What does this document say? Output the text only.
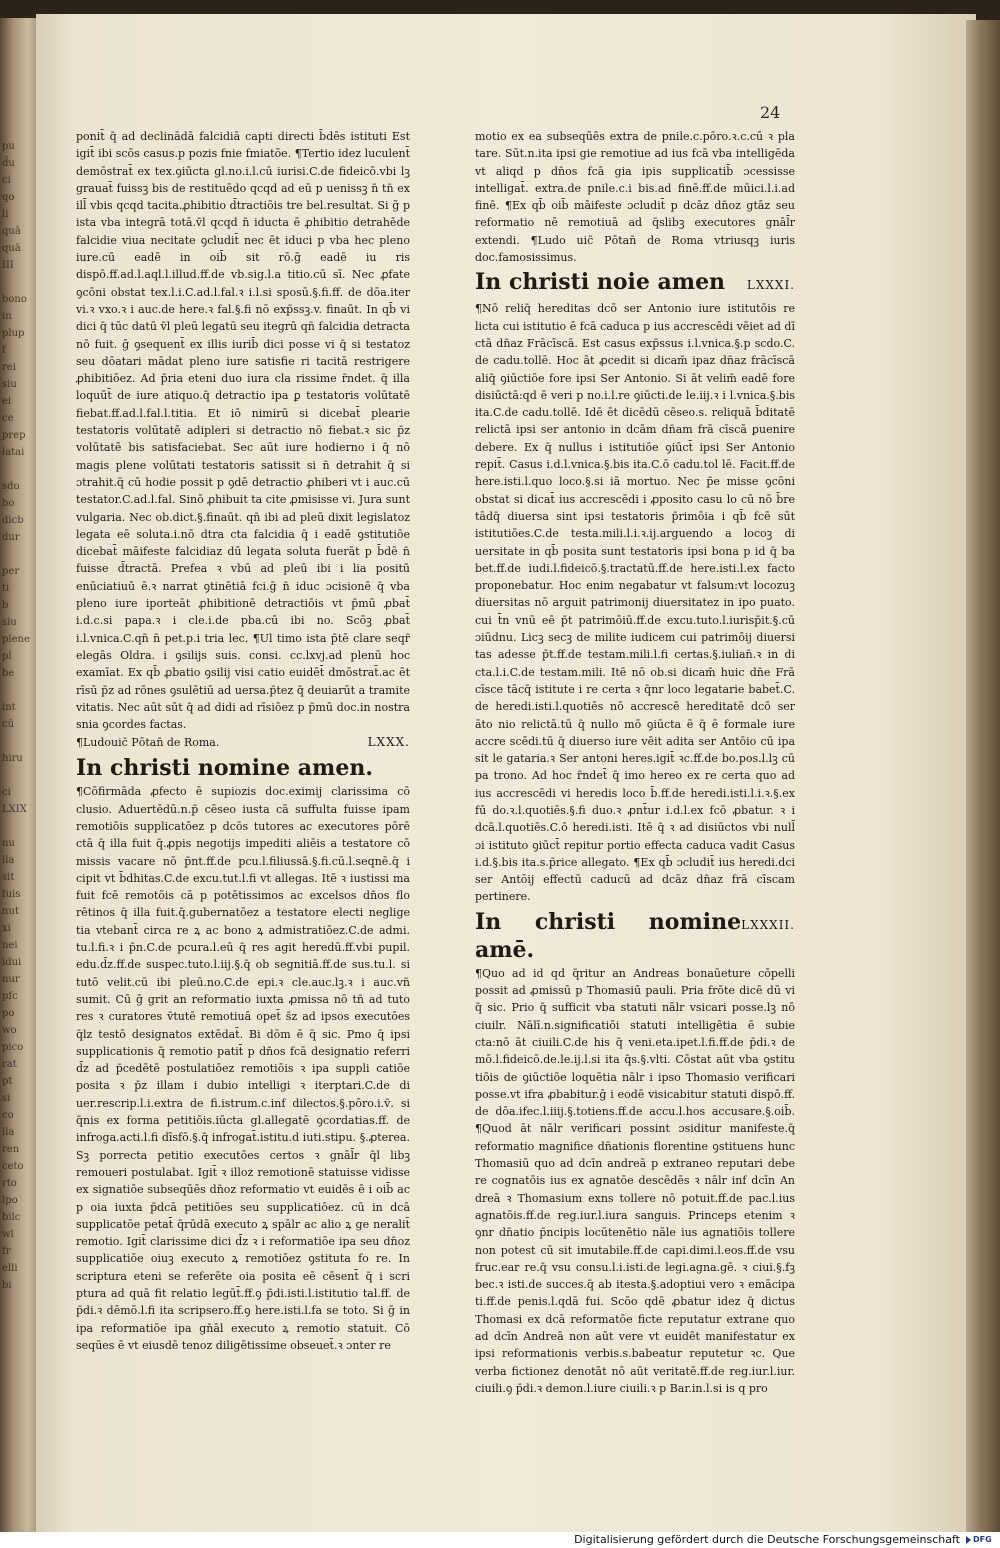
pu
d̄u
ci
qo
li
quā
quā
III

bono
in
plup
f
rei
siu
ei
ce
prep
latai

sdo
bo
dicb
dur

per
ti
b
siu
plene
pl
be

int
cū

hiru

ci
LXIX

nu
lla
sit
fuis
nut
xi
nei
idui
nur
pfc
po
wo
pico
rat
pt
si
co
lla
ren
ceto
rto
lpo
bilc
wi
fr
elli
bi
24

ponit̄ q̄ ad declinādā falcidiā capti directi b̄dēs istituti Est igit̄ ibi scōs casus.p pozis fnie fmiatōe. ¶Tertio idez luculent̄ demōstrat̄ ex tex.ꝯiūcta gl.no.i.l.cū iurisi.C.de fideicō.vbi lꝫ grauat̄ fuissꝫ bis de restituēdo qcqd ad eū p uenissꝫ n̄ tn̄ ex ill̄ vbis qcqd tacita.ꝓhibitio d̄tractiōis tre bel.resultat. Si g̃ p ista vba integrā totā.v̄l qcqd n̄ iducta ē ꝓhibitio detrahēde falcidie viua necitate ꝯcludit̄ nec ēt iduci p vba hec pleno iure.cū eadē in oib̄ sit rō.ḡ eadē iu ris dispō.ff.ad.l.aql.l.illud.ff.de vb.sig.l.a titio.cū sī. Nec ꝓfate ꝯcōni obstat tex.l.i.C.ad.l.fal.ꝛ i.l.si sposū.§.fi.ff. de dōa.iter vi.ꝛ vxo.ꝛ i auc.de here.ꝛ fal.§.fi nō exp̄ssꝫ.v. finaūt. In qb̄ vi dici q̄ tūc datū v̄l pleū legatū seu itegrū qn̄ falcidia detracta nō fuit. ḡ ꝯsequent̄ ex illis iurib̄ dici posse vi q̄ si testatoz seu dōatari mādat pleno iure satisfie ri tacitā restrigere ꝓhibitiōez. Ad p̄ria eteni duo iura cla rissime r̄ndet. q̄ illa loquūt̄ de iure atiquo.q̄ detractio ipa ꝑ testatoris volūtatē fiebat.ff.ad.l.fal.l.titia. Et iō nimirū si dicebat̄ plearie testatoris volūtatē adipleri si detractio nō fiebat.ꝛ sic p̄z volūtatē bis satisfaciebat. Sec aūt iure hodierno i q̄ nō magis plene volūtati testatoris satissit si n̄ detrahit q̄ si ɔtrahit.q̄ cū hodie possit p ꝯdē detractio ꝓhiberi vt i auc.cū testator.C.ad.l.fal. Sinō ꝓhibuit ta cite ꝓmisisse vi. Jura sunt vulgaria. Nec ob.dict.§.finaūt. qn̄ ibi ad pleū dixit legislatoz legata eē soluta.i.nō dtra cta falcidia q̄ i eadē ꝯstitutiōe dicebat̄ māifeste falcidiaz dū legata soluta fuerāt p b̄dē n̄ fuisse d̄tractā. Prefea ꝛ vbū ad pleū ibi i lia positū enūciatiuū ē.ꝛ narrat ꝯtinētiā fci.ḡ n̄ iduc ɔcisionē q̄ vba pleno iure iporteāt ꝓhibitionē detractiōis vt p̄mū ꝓbat̄ i.d.c.si papa.ꝛ i cle.i.de pba.cū ibi no. Scōꝫ ꝓbat̄ i.l.vnica.C.qn̄ n̄ pet.p.i tria lec. ¶Ul timo ista p̄tē clare seqr̄ elegās Oldra. i ꝯsilijs suis. consi. cc.lxvj.ad plenū hoc examīat. Ex qb̄ ꝓbatio ꝯsilij visi catio euidēt̄ dmōstrat̄.ac ēt rīsū p̄z ad rōnes ꝯsulētiū ad uersa.p̄tez q̄ deuiarūt a tramite vitatis. Nec aūt sūt q̄ ad didi ad rīsiōez p p̄mū doc.in nostra snia ꝯcordes factas.

¶Ludouic̄ Pōtan̄ de Roma.	LXXX.
In christi nomine amen.

¶Cōfirmāda ꝓfecto ē supiozis doc.eximij clarissima cō clusio. Aduertēdū.n.p̄ cēseo iusta cā suffulta fuisse ipam remotiōis supplicatōez p dcōs tutores ac executores pōrē ctā q̄ illa fuit q̄.ꝓpis negotijs impediti aliēis a testatore cō missis vacare nō p̄nt.ff.de pcu.l.filiussā.§.fi.cū.l.seqnē.q̄ i cipit vt b̄dhitas.C.de excu.tut.l.fi vt allegas. Itē ꝛ iustissi ma fuit fcē remotōis cā p potētissimos ac excelsos dn̄os flo rētinos q̄ illa fuit.q̄.gubernatōez a testatore electi neglige tia vtebant̄ circa re ꝝ ac bono ꝝ admistratiōez.C.de admi. tu.l.fi.ꝛ i p̄n.C.de pcura.l.eū q̄ res agit heredū.ff.vbi pupil. edu.d̄z.ff.de suspec.tuto.l.iij.§.q̄ ob segnitiā.ff.de sus.tu.l. si tutō velit.cū ibi pleū.no.C.de epi.ꝛ cle.auc.lꝫ.ꝛ i auc.vn̄ sumit. Cū ḡ grit an reformatio iuxta ꝓmissa nō tn̄ ad tuto res ꝛ curatores v̄tutē remotiuā opet̄ s̄z ad ipsos executōes q̄lz testō designatos extēdat̄. Bi dōm ē q̄ sic. Pmo q̄ ipsi supplicationis q̄ remotio patit̄ p dn̄os fcā designatio referri d̄z ad p̄cedētē postulatiōez remotiōis ꝛ ipa suppli catiōe posita ꝛ p̄z illam i dubio intelligi ꝛ iterptari.C.de di uer.rescrip.l.i.extra de fi.istrum.c.inf dilectos.§.pōro.i.v̄. si q̄nis ex forma petitiōis.iūcta gl.allegatē ꝯcordatias.ff. de infroga.acti.l.fi dīsfō.§.q̄ infrogat̄.istitu.d iuti.stipu. §.ꝓterea. Sꝫ porrecta petitio executōes certos ꝛ gnāl̄r q̄l libꝫ remoueri postulabat. Igit̄ ꝛ illoz remotionē statuisse vidisse ex signatiōe subseqūēs dn̄oz reformatio vt euidēs ē i oib̄ ac p oia iuxta p̄dcā petitiōes seu supplicatiōez. cū in dcā supplicatōe petat̄ q̄rūdā executo ꝝ spālr ac alio ꝝ ge neralit̄ remotio. Igit̄ clarissime dici d̄z ꝛ i reformatiōe ipa seu dn̄oz supplicatiōe oiuꝫ executo ꝝ remotiōez ꝯstituta fo re. In scriptura eteni se referēte oia posita eē cēsent̄ q̄ i scri ptura ad quā fit relatio legūt̄.ff.ꝯ p̄di.isti.l.istitutio tal.ff. de p̄di.ꝛ dēmō.l.fi ita scripsero.ff.ꝯ here.isti.l.fa se toto. Si ḡ in ipa reformatiōe ipa gn̄āl executo ꝝ remotio statuit. Cō seqūes ē vt eiusdē tenoz diligētissime obseuet̄.ꝛ ɔnter re

motio ex ea subseqūēs extra de pnile.c.pōro.ꝛ.c.cū ꝛ pla tare. Sūt.n.ita ipsi gie remotiue ad ius fcā vba intelligēda vt aliqd p dn̄os fcā gia ipis supplicatib̄ ɔcessisse intelligat̄. extra.de pnile.c.i bis.ad finē.ff.de mūici.l.i.ad finē. ¶Ex qb̄ oib̄ māifeste ɔcludit̄ p dcāz dn̄oz gtāz seu reformatio nē remotiuā ad q̄slibꝫ executores gnāl̄r extendi. ¶Ludo uic̄ Pōtan̄ de Roma vtriusqꝫ iuris doc.famosissimus.

In christi noie amen LXXXI.

¶Nō reliq̄ hereditas dcō ser Antonio iure istitutōis re licta cui istitutio ē fcā caduca p ius accrescēdi vēiet ad dī ctā dn̄az Frācīscā. Est casus exp̄ssus i.l.vnica.§.p scdo.C. de cadu.tollē. Hoc āt ꝓcedit si dicam̄ ipaz dn̄az frācīscā aliq̄ ꝯiūctiōe fore ipsi Ser Antonio. Si āt velim̄ eadē fore disiūctā:qd ē veri p no.i.l.re ꝯiūcti.de le.iij.ꝛ i l.vnica.§.bis ita.C.de cadu.tollē. Idē ēt dicēdū cēseo.s. reliquā b̄ditatē relictā ipsi ser antonio in dcām dn̄am frā cīscā ꝑuenire debere. Ex q̄ nullus i istitutiōe ꝯiūct̄ ipsi Ser Antonio repit̄. Casus i.d.l.vnica.§.bis ita.C.ō cadu.tol lē. Facit.ff.de here.isti.l.quo loco.§.si iā mortuo. Nec p̄e misse ꝯcōni obstat si dicat̄ ius accrescēdi i ꝓposito casu lo cū nō b̄re tādq̄ diuersa sint ipsi testatoris p̄rimōia i qb̄ fcē sūt istitutiōes.C.de testa.mili.l.i.ꝛ.ij.arguendo a locoꝫ di uersitate in qb̄ posita sunt testatoris ipsi bona p id q̄ ba bet.ff.de iudi.l.fideicō.§.tractatū.ff.de here.isti.l.ex facto proponebatur. Hoc enim negabatur vt falsum:vt locozuꝫ diuersitas nō arguit patrimonij diuersitatez in ipo puato. cui t̄n vnū eē p̄t patrimōiū.ff.de excu.tuto.l.iurisp̄it.§.cū ɔiūdnu. Licꝫ secꝫ de milite iudicem cui patrimōij diuersi tas adesse p̄t.ff.de testam.mili.l.fi certas.§.iulian̄.ꝛ in di cta.l.i.C.de testam.mili. Itē nō ob.si dicam̄ huic dn̄e Frā cīsce tācq̄ istitute i re certa ꝛ q̄nr loco legatarie babet̄.C. de heredi.isti.l.quotiēs nō accrescē hereditatē dcō ser āto nio relictā.tū q̄ nullo mō ꝯiūcta ē q̄ ē formale iure accre scēdi.tū q̄ diuerso iure vēit adita ser Antōio cū ipa sit le gataria.ꝛ Ser antoni heres.igit̄ ꝛc.ff.de bo.pos.l.lꝫ cū pa trono. Ad hoc r̄ndet̄ q̄ imo hereo ex re certa quo ad ius accrescēdi vi heredis loco b̄.ff.de heredi.isti.l.i.ꝛ.§.ex fū do.ꝛ.l.quotiēs.§.fi duo.ꝛ ꝓnt̄ur i.d.l.ex fcō ꝓbatur. ꝛ i dcā.l.quotiēs.C.ō heredi.isti. Itē q̄ ꝛ ad disiūctos vbi null̄ ɔi istituto ꝯiūct̄ repitur portio effecta caduca vadit Casus i.d.§.bis ita.s.p̄rice allegato. ¶Ex qb̄ ɔcludit̄ ius heredi.dci ser Antōij effectū caducū ad dcāz dn̄az frā cīscam pertinere.

In christi nomine amē.
LXXXII.

¶Quo ad id qd q̄ritur an Andreas bonaūeture cōpelli possit ad ꝓmissū p Thomasiū pauli. Pria frōte dicē dū vi q̄ sic. Prio q̄ sufficit vba statuti nālr vsicari posse.lꝫ nō ciuilr. Nālī.n.significatiōi statuti intelligētia ē subie cta:nō āt ciuili.C.de his q̄ veni.eta.ipet.l.fi.ff.de p̄di.ꝛ de mō.l.fideicō.de.le.ij.l.si ita q̄s.§.vlti. Cōstat aūt vba ꝯstitu tiōis de ꝯiūctiōe loquētia nālr i ipso Thomasio verificari posse.vt ifra ꝓbabitur.ḡ i eodē visicabitur statuti dispō.ff. de dōa.ifec.l.iiij.§.totiens.ff.de accu.l.hos accusare.§.oib̄. ¶Quod āt nālr verificari possint ɔsiditur manifeste.q̄ reformatio magnifice dn̄ationis florentine ꝯstituens hunc Thomasiū quo ad dcīn andreā p extraneo reputari debe re cognatōis ius ex agnatōe descēdēs ꝛ nālr inf dcīn An dreā ꝛ Thomasium exns tollere nō potuit.ff.de pac.l.ius agnatōis.ff.de reg.iur.l.iura sanguis. Princeps etenim ꝛ ꝯnr dn̄atio p̄ncipis locūtenētio nāle ius agnatiōis tollere non potest cū sit imutabile.ff.de capi.dimi.l.eos.ff.de vsu fruc.ear re.q̄ vsu consu.l.i.isti.de legi.agna.gē. ꝛ ciui.§.fꝫ bec.ꝛ isti.de succes.q̄ ab itesta.§.adoptiui vero ꝛ emācipa ti.ff.de penis.l.qdā fui. Scōo qdē ꝓbatur idez q̄ dictus Thomasi ex dcā reformatōe ficte reputatur extrane quo ad dcīn Andreā non aūt vere vt euidēt manifestatur ex ipsi reformationis verbis.s.babeatur reputetur ꝛc. Que verba fictionez denotāt nō aūt veritatē.ff.de reg.iur.l.iur. ciuili.ꝯ p̄di.ꝛ demon.l.iure ciuili.ꝛ p Bar.in.l.si is q pro

Digitalisierung gefördert durch die Deutsche Forschungsgemeinschaft DFG
